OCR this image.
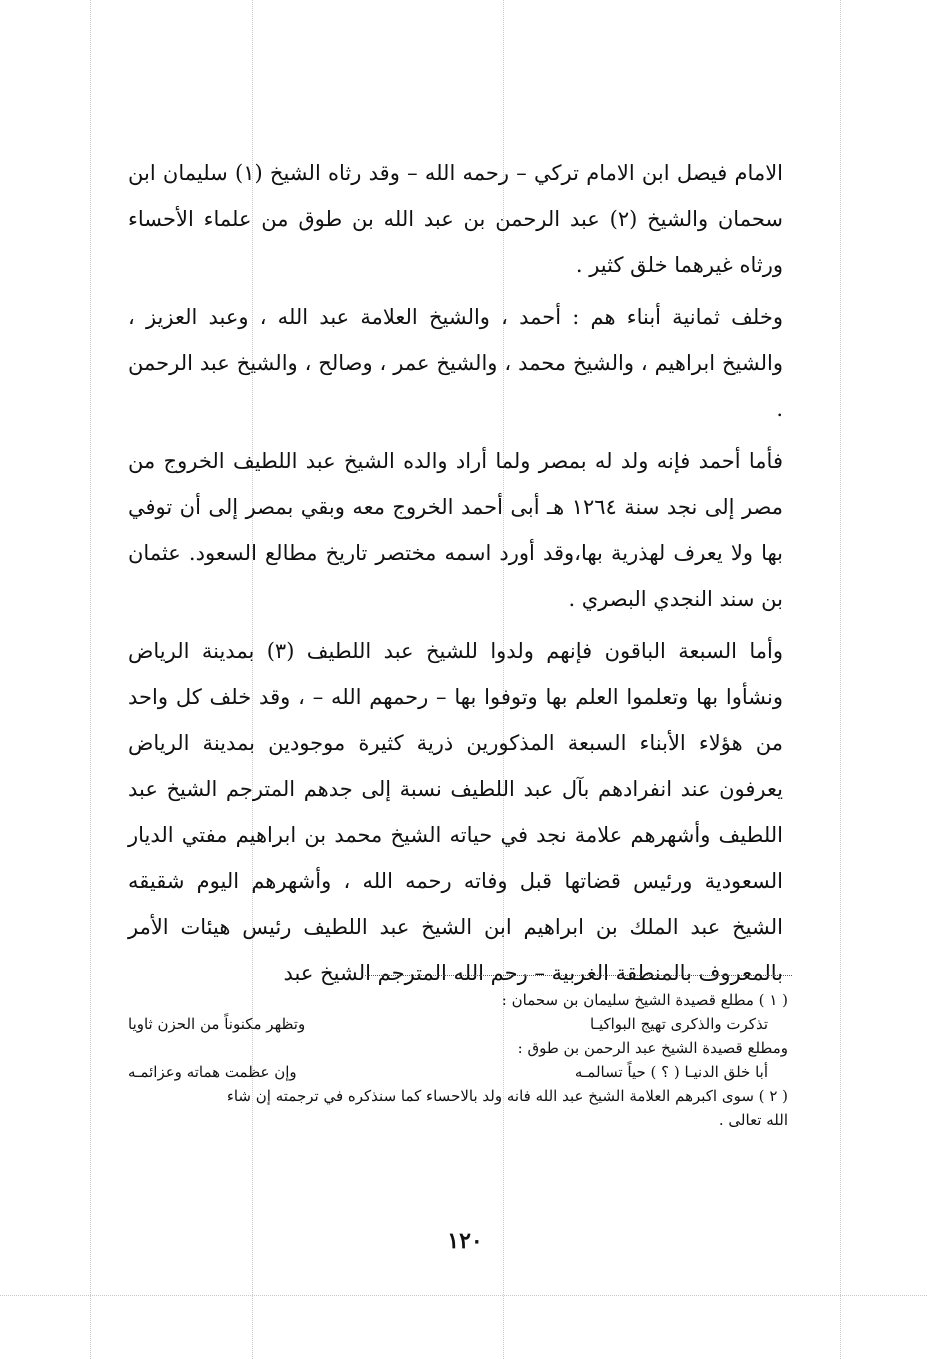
الامام فيصل ابن الامام تركي – رحمه الله – وقد رثاه الشيخ (١) سليمان ابن سحمان والشيخ (٢) عبد الرحمن بن عبد الله بن طوق من علماء الأحساء ورثاه غيرهما خلق كثير .

وخلف ثمانية أبناء هم : أحمد ، والشيخ العلامة عبد الله ، وعبد العزيز ، والشيخ ابراهيم ، والشيخ محمد ، والشيخ عمر ، وصالح ، والشيخ عبد الرحمن .

فأما أحمد فإنه ولد له بمصر ولما أراد والده الشيخ عبد اللطيف الخروج من مصر إلى نجد سنة ١٢٦٤ هـ أبى أحمد الخروج معه وبقي بمصر إلى أن توفي بها ولا يعرف لهذرية بها،وقد أورد اسمه مختصر تاريخ مطالع السعود. عثمان بن سند النجدي البصري .

وأما السبعة الباقون فإنهم ولدوا للشيخ عبد اللطيف (٣) بمدينة الرياض ونشأوا بها وتعلموا العلم بها وتوفوا بها – رحمهم الله – ، وقد خلف كل واحد من هؤلاء الأبناء السبعة المذكورين ذرية كثيرة موجودين بمدينة الرياض يعرفون عند انفرادهم بآل عبد اللطيف نسبة إلى جدهم المترجم الشيخ عبد اللطيف وأشهرهم علامة نجد في حياته الشيخ محمد بن ابراهيم مفتي الديار السعودية ورئيس قضاتها قبل وفاته رحمه الله ، وأشهرهم اليوم شقيقه الشيخ عبد الملك بن ابراهيم ابن الشيخ عبد اللطيف رئيس هيئات الأمر بالمعروف بالمنطقة الغربية – رحم الله المترجم الشيخ عبد

( ١ ) مطلع قصيدة الشيخ سليمان بن سحمان :

تذكرت والذكرى تهيج البواكيـا
وتظهر مكنوناً من الحزن ثاويا

ومطلع قصيدة الشيخ عبد الرحمن بن طوق :

أبا خلق الدنيـا ( ؟ ) حياً تسالمـه
وإن عظمت هماته وعزائمـه

( ٢ ) سوى اكبرهم العلامة الشيخ عبد الله فانه ولد بالاحساء كما سنذكره في ترجمته إن شاء

الله تعالى .

١٢٠
